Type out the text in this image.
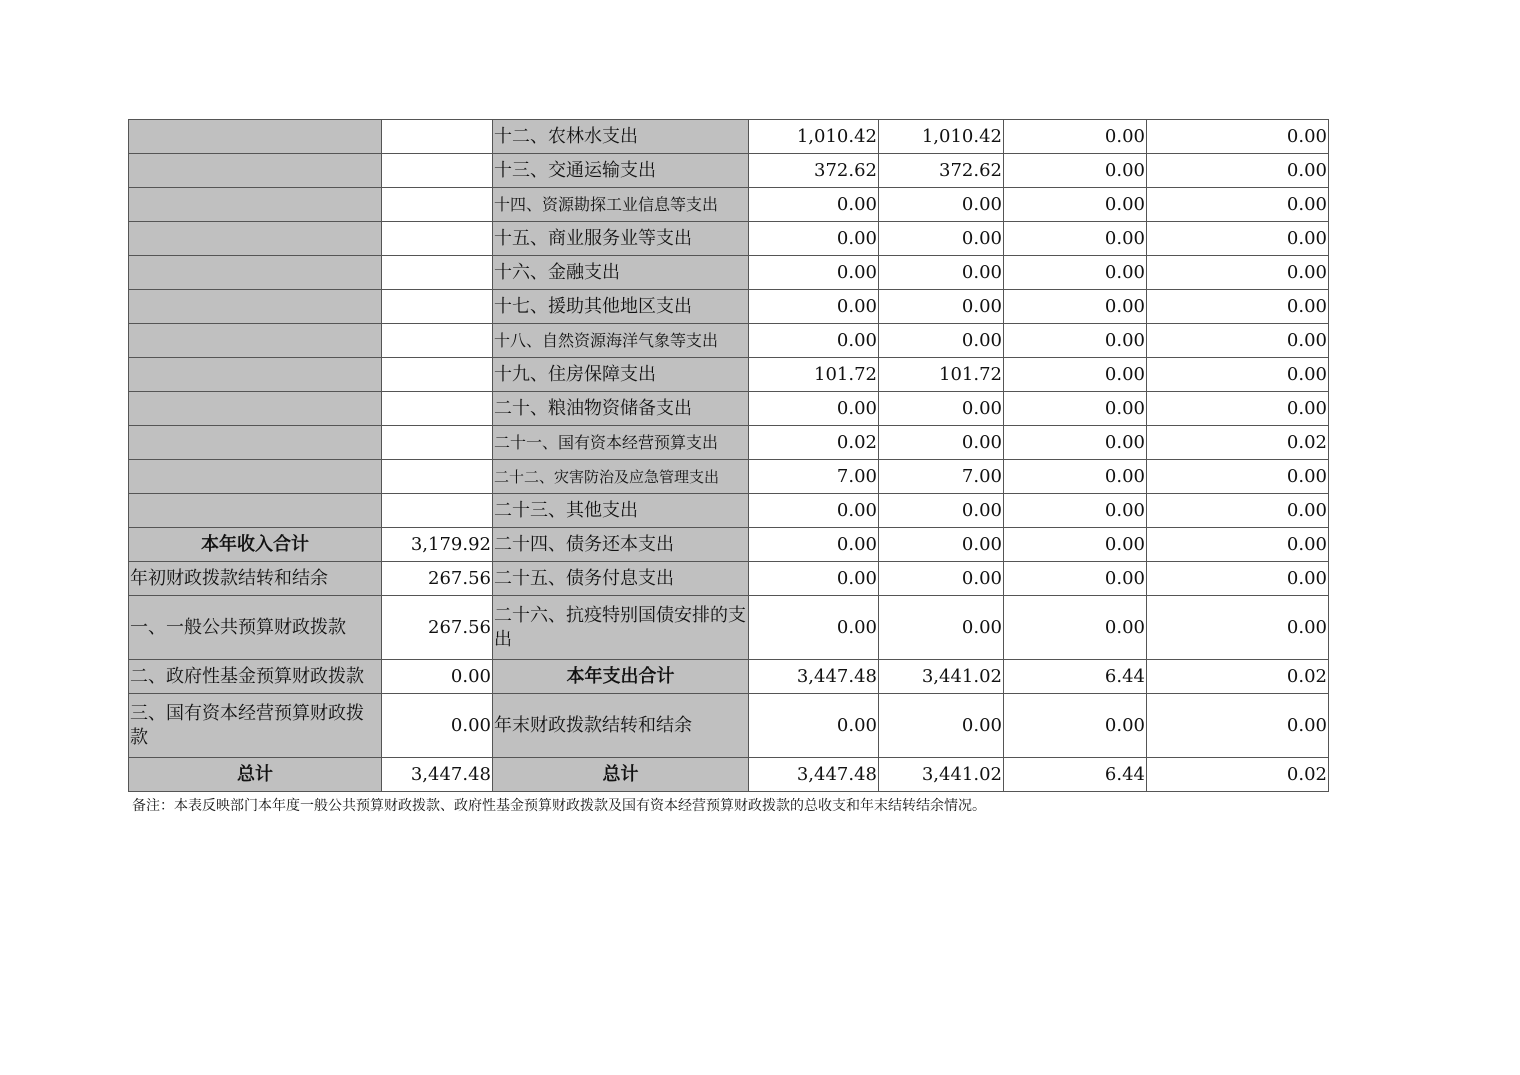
		十二、农林水支出	1,010.42	1,010.42	0.00	0.00
		十三、交通运输支出	372.62	372.62	0.00	0.00
		十四、资源勘探工业信息等支出	0.00	0.00	0.00	0.00
		十五、商业服务业等支出	0.00	0.00	0.00	0.00
		十六、金融支出	0.00	0.00	0.00	0.00
		十七、援助其他地区支出	0.00	0.00	0.00	0.00
		十八、自然资源海洋气象等支出	0.00	0.00	0.00	0.00
		十九、住房保障支出	101.72	101.72	0.00	0.00
		二十、粮油物资储备支出	0.00	0.00	0.00	0.00
		二十一、国有资本经营预算支出	0.02	0.00	0.00	0.02
		二十二、灾害防治及应急管理支出	7.00	7.00	0.00	0.00
		二十三、其他支出	0.00	0.00	0.00	0.00
本年收入合计	3,179.92	二十四、债务还本支出	0.00	0.00	0.00	0.00
年初财政拨款结转和结余	267.56	二十五、债务付息支出	0.00	0.00	0.00	0.00
一、一般公共预算财政拨款	267.56	二十六、抗疫特别国债安排的支出	0.00	0.00	0.00	0.00
二、政府性基金预算财政拨款	0.00	本年支出合计	3,447.48	3,441.02	6.44	0.02
三、国有资本经营预算财政拨款	0.00	年末财政拨款结转和结余	0.00	0.00	0.00	0.00
总计	3,447.48	总计	3,447.48	3,441.02	6.44	0.02
备注：本表反映部门本年度一般公共预算财政拨款、政府性基金预算财政拨款及国有资本经营预算财政拨款的总收支和年末结转结余情况。
